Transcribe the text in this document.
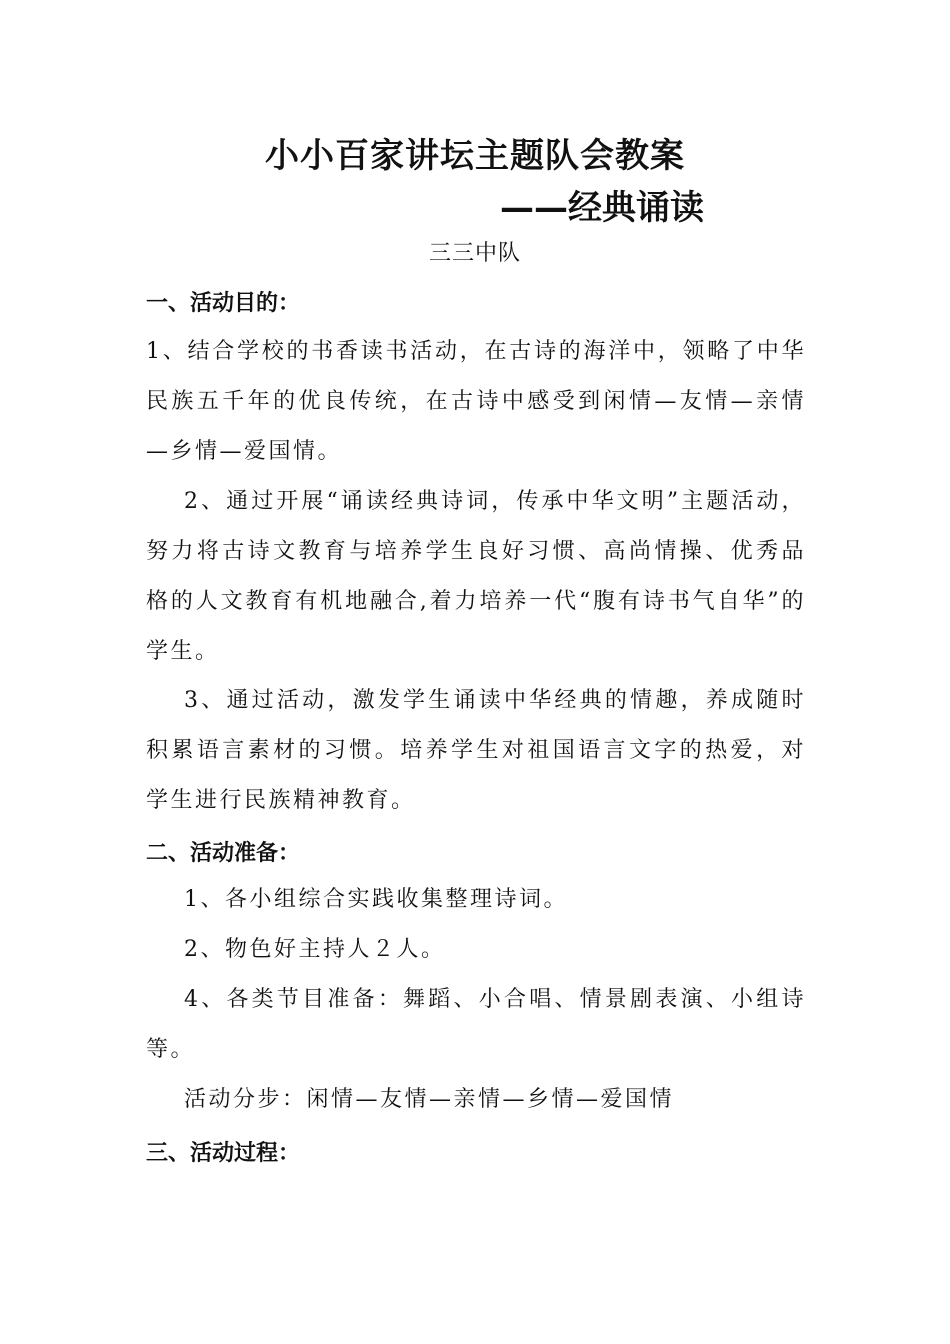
小小百家讲坛主题队会教案
——经典诵读

三三中队

一、活动目的：

1、结合学校的书香读书活动，在古诗的海洋中，领略了中华民族五千年的优良传统，在古诗中感受到闲情—友情—亲情—乡情—爱国情。

2、通过开展“诵读经典诗词，传承中华文明”主题活动，努力将古诗文教育与培养学生良好习惯、高尚情操、优秀品格的人文教育有机地融合,着力培养一代“腹有诗书气自华”的学生。

3、通过活动，激发学生诵读中华经典的情趣，养成随时积累语言素材的习惯。培养学生对祖国语言文字的热爱，对学生进行民族精神教育。

二、活动准备：

1、各小组综合实践收集整理诗词。

2、物色好主持人２人。

4、各类节目准备：舞蹈、小合唱、情景剧表演、小组诗等。

活动分步：闲情—友情—亲情—乡情—爱国情

三、活动过程：
